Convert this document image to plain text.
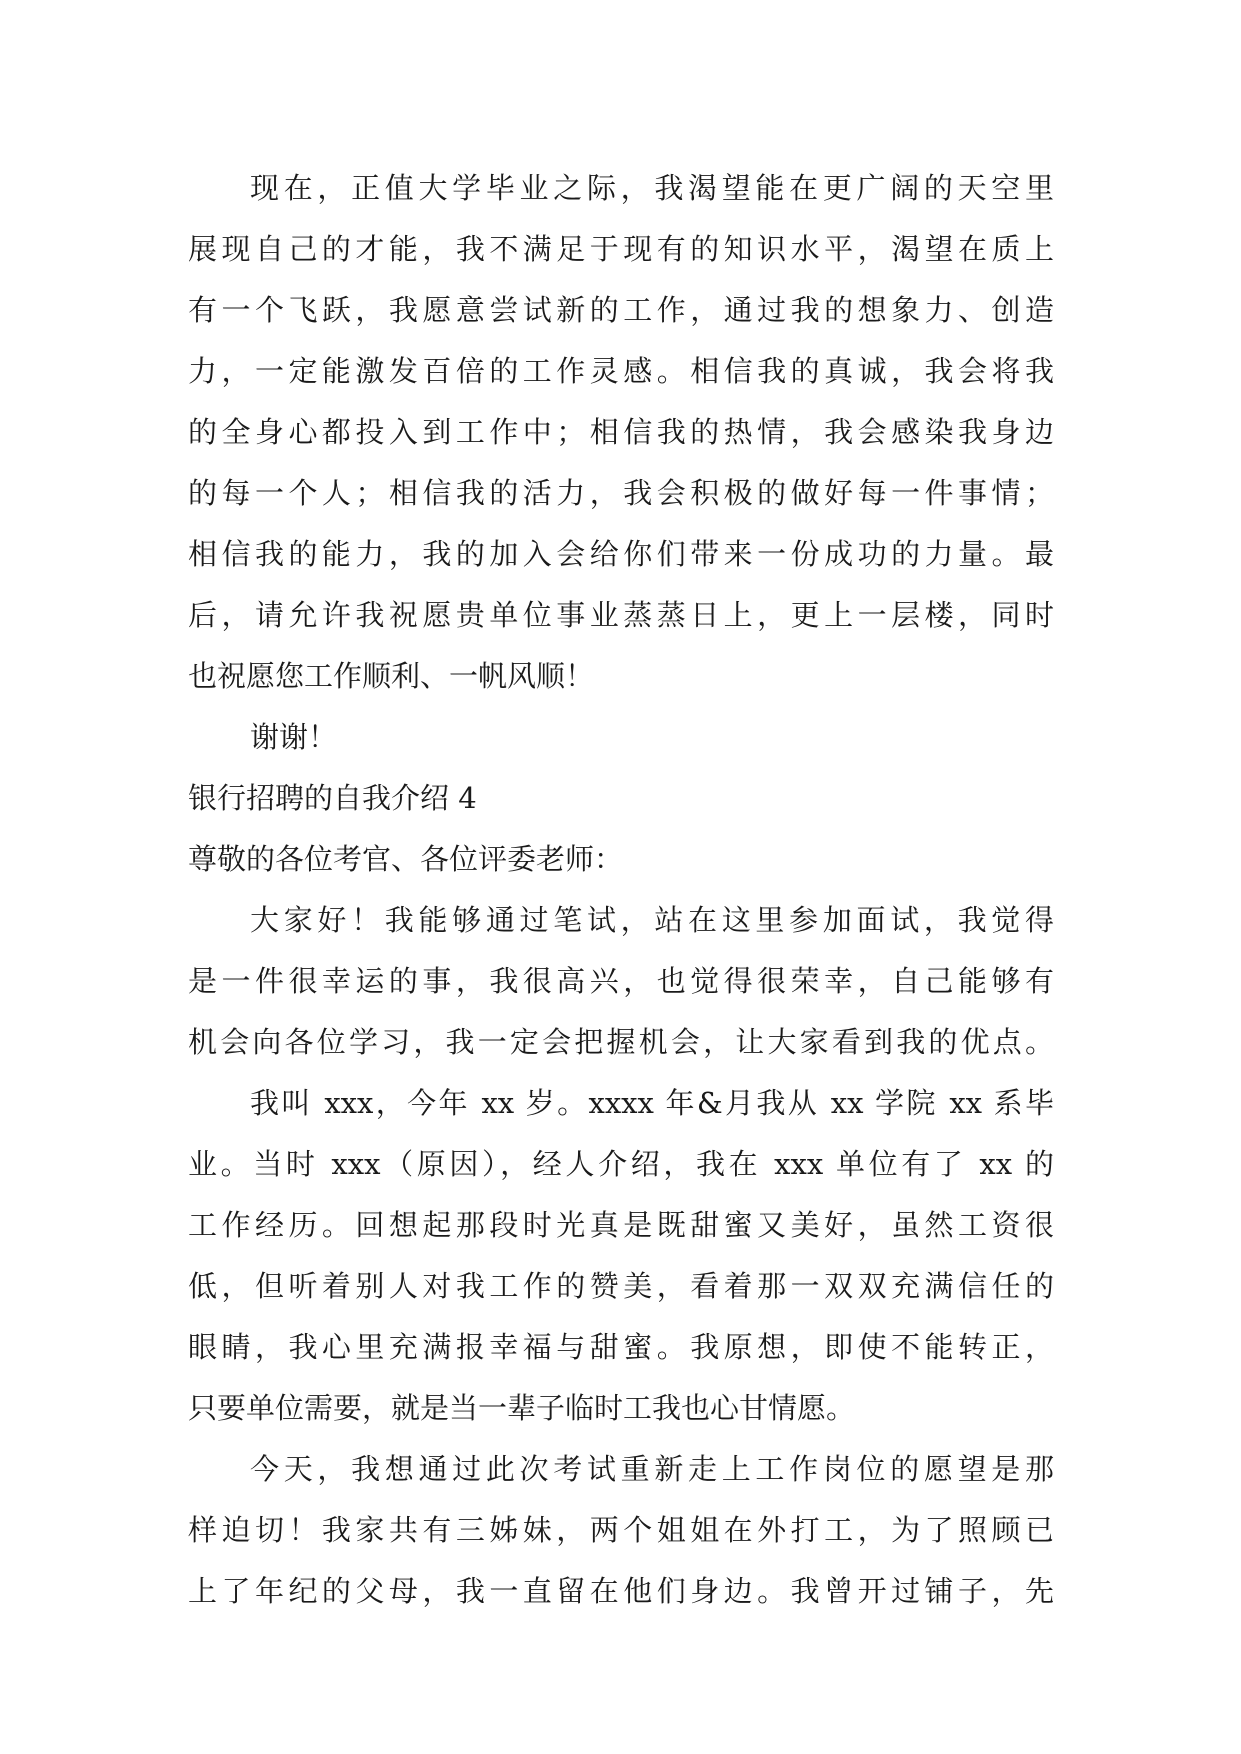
现在，正值大学毕业之际，我渴望能在更广阔的天空里
展现自己的才能，我不满足于现有的知识水平，渴望在质上
有一个飞跃，我愿意尝试新的工作，通过我的想象力、创造
力，一定能激发百倍的工作灵感。相信我的真诚，我会将我
的全身心都投入到工作中；相信我的热情，我会感染我身边
的每一个人；相信我的活力，我会积极的做好每一件事情；
相信我的能力，我的加入会给你们带来一份成功的力量。最
后，请允许我祝愿贵单位事业蒸蒸日上，更上一层楼，同时
也祝愿您工作顺利、一帆风顺！
谢谢！
银行招聘的自我介绍 4
尊敬的各位考官、各位评委老师：
大家好！我能够通过笔试，站在这里参加面试，我觉得
是一件很幸运的事，我很高兴，也觉得很荣幸，自己能够有
机会向各位学习，我一定会把握机会，让大家看到我的优点。
我叫 xxx，今年 xx 岁。xxxx 年&月我从 xx 学院 xx 系毕
业。当时 xxx（原因），经人介绍，我在 xxx 单位有了 xx 的
工作经历。回想起那段时光真是既甜蜜又美好，虽然工资很
低，但听着别人对我工作的赞美，看着那一双双充满信任的
眼睛，我心里充满报幸福与甜蜜。我原想，即使不能转正，
只要单位需要，就是当一辈子临时工我也心甘情愿。
今天，我想通过此次考试重新走上工作岗位的愿望是那
样迫切！我家共有三姊妹，两个姐姐在外打工，为了照顾已
上了年纪的父母，我一直留在他们身边。我曾开过铺子，先
